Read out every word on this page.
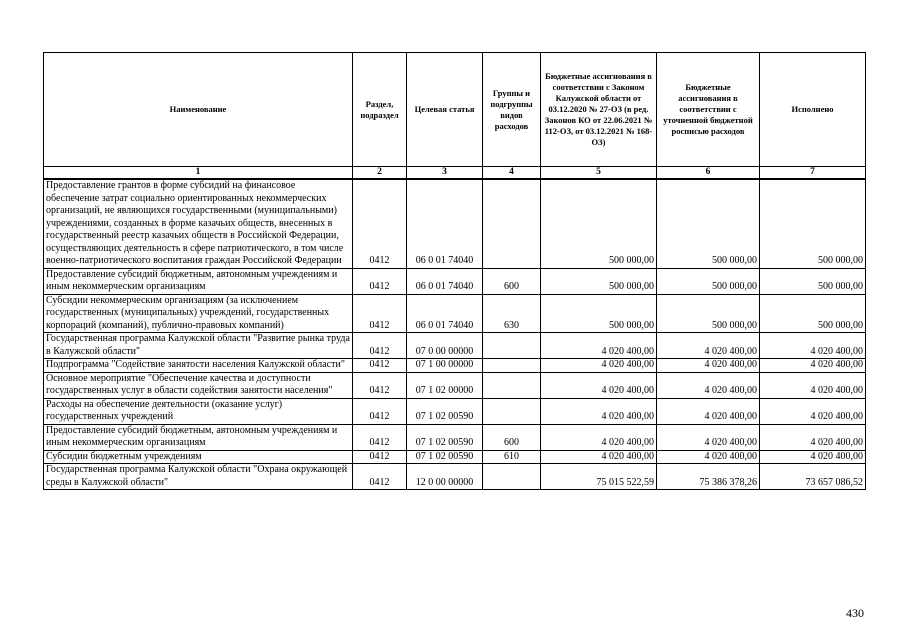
Наименование	Раздел, подраздел	Целевая статья	Группы и подгруппы видов расходов	Бюджетные ассигнования в соответствии с Законом Калужской области от 03.12.2020 № 27-ОЗ (в ред. Законов КО от 22.06.2021 № 112-ОЗ, от 03.12.2021 № 168-ОЗ)	Бюджетные ассигнования в соответствии с уточненной бюджетной росписью расходов	Исполнено
1	2	3	4	5	6	7
Предоставление грантов в форме субсидий на финансовое обеспечение затрат социально ориентированных некоммерческих организаций, не являющихся государственными (муниципальными) учреждениями, созданных в форме казачьих обществ, внесенных в государственный реестр казачьих обществ в Российской Федерации, осуществляющих деятельность в сфере патриотического, в том числе военно-патриотического воспитания граждан Российской Федерации	0412	06 0 01 74040		500 000,00	500 000,00	500 000,00
Предоставление субсидий бюджетным, автономным учреждениям и иным некоммерческим организациям	0412	06 0 01 74040	600	500 000,00	500 000,00	500 000,00
Субсидии некоммерческим организациям (за исключением государственных (муниципальных) учреждений, государственных корпораций (компаний), публично-правовых компаний)	0412	06 0 01 74040	630	500 000,00	500 000,00	500 000,00
Государственная программа Калужской области "Развитие рынка труда в Калужской области"	0412	07 0 00 00000		4 020 400,00	4 020 400,00	4 020 400,00
Подпрограмма "Содействие занятости населения Калужской области"	0412	07 1 00 00000		4 020 400,00	4 020 400,00	4 020 400,00
Основное мероприятие "Обеспечение качества и доступности государственных услуг в области содействия занятости населения"	0412	07 1 02 00000		4 020 400,00	4 020 400,00	4 020 400,00
Расходы на обеспечение деятельности (оказание услуг) государственных учреждений	0412	07 1 02 00590		4 020 400,00	4 020 400,00	4 020 400,00
Предоставление субсидий бюджетным, автономным учреждениям и иным некоммерческим организациям	0412	07 1 02 00590	600	4 020 400,00	4 020 400,00	4 020 400,00
Субсидии бюджетным учреждениям	0412	07 1 02 00590	610	4 020 400,00	4 020 400,00	4 020 400,00
Государственная программа Калужской области "Охрана окружающей среды в Калужской области"	0412	12 0 00 00000		75 015 522,59	75 386 378,26	73 657 086,52
430
